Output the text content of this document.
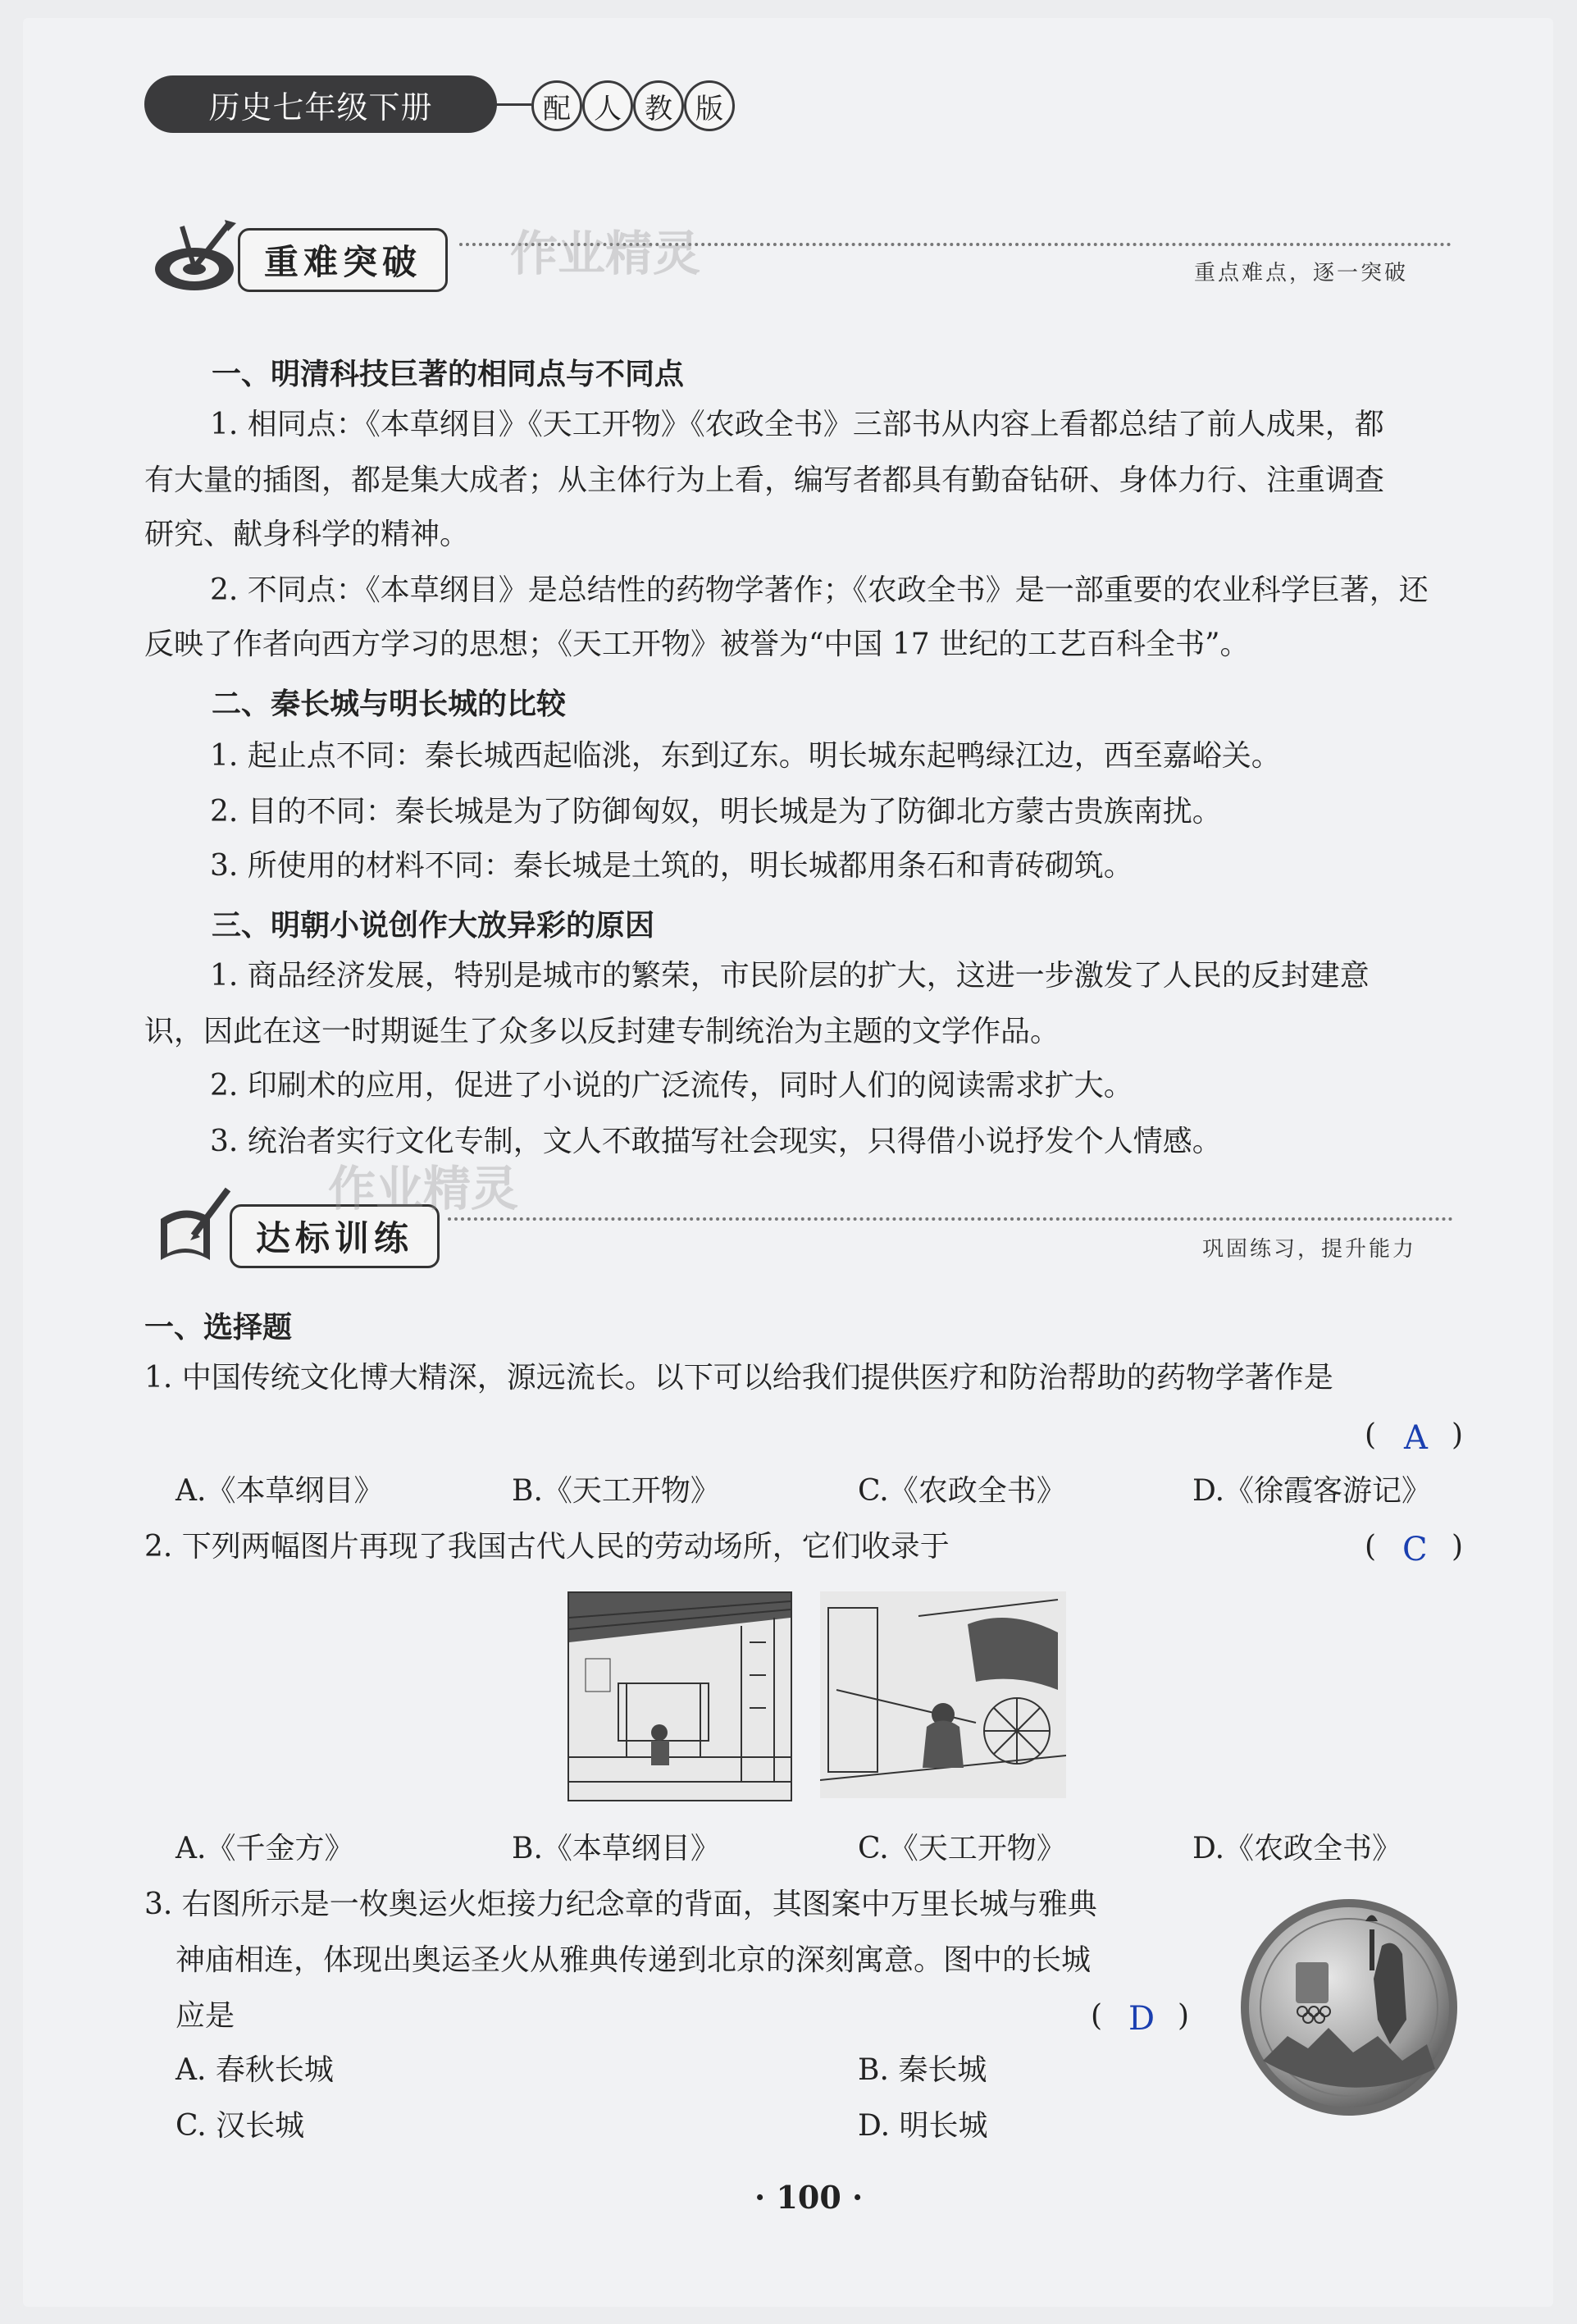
历史七年级下册	配 人 教 版
重难突破	作业精灵	重点难点，逐一突破
一、明清科技巨著的相同点与不同点
1. 相同点：《本草纲目》《天工开物》《农政全书》三部书从内容上看都总结了前人成果，都
有大量的插图，都是集大成者；从主体行为上看，编写者都具有勤奋钻研、身体力行、注重调查
研究、献身科学的精神。
2. 不同点：《本草纲目》是总结性的药物学著作；《农政全书》是一部重要的农业科学巨著，还
反映了作者向西方学习的思想；《天工开物》被誉为“中国 17 世纪的工艺百科全书”。
二、秦长城与明长城的比较
1. 起止点不同：秦长城西起临洮，东到辽东。明长城东起鸭绿江边，西至嘉峪关。
2. 目的不同：秦长城是为了防御匈奴，明长城是为了防御北方蒙古贵族南扰。
3. 所使用的材料不同：秦长城是土筑的，明长城都用条石和青砖砌筑。
三、明朝小说创作大放异彩的原因
1. 商品经济发展，特别是城市的繁荣，市民阶层的扩大，这进一步激发了人民的反封建意
识，因此在这一时期诞生了众多以反封建专制统治为主题的文学作品。
2. 印刷术的应用，促进了小说的广泛流传，同时人们的阅读需求扩大。
3. 统治者实行文化专制，文人不敢描写社会现实，只得借小说抒发个人情感。
达标训练
作业精灵
巩固练习，提升能力
一、选择题
1. 中国传统文化博大精深，源远流长。以下可以给我们提供医疗和防治帮助的药物学著作是
( A )
A.《本草纲目》	B.《天工开物》	C.《农政全书》	D.《徐霞客游记》
2. 下列两幅图片再现了我国古代人民的劳动场所，它们收录于	( C )
A.《千金方》	B.《本草纲目》	C.《天工开物》	D.《农政全书》
3. 右图所示是一枚奥运火炬接力纪念章的背面，其图案中万里长城与雅典
神庙相连，体现出奥运圣火从雅典传递到北京的深刻寓意。图中的长城
应是	( D )
A. 春秋长城	B. 秦长城
C. 汉长城	D. 明长城
· 100 ·
